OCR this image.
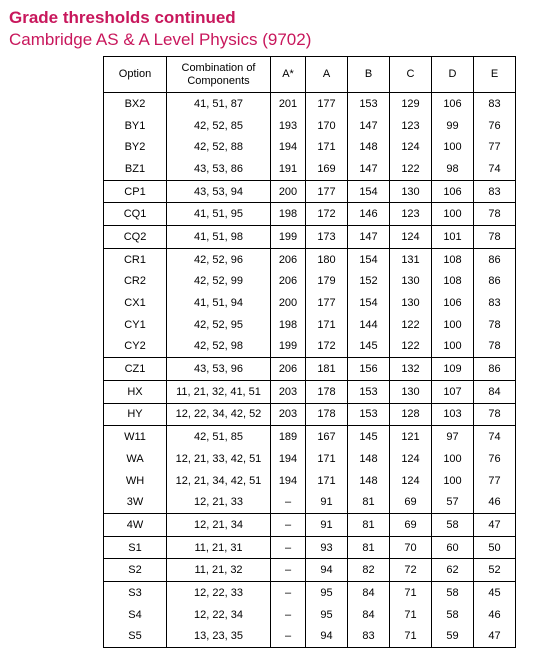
Grade thresholds continued
Cambridge AS & A Level Physics (9702)
Option	Combination of Components	A*	A	B	C	D	E
BX2	41, 51, 87	201	177	153	129	106	83
BY1	42, 52, 85	193	170	147	123	99	76
BY2	42, 52, 88	194	171	148	124	100	77
BZ1	43, 53, 86	191	169	147	122	98	74
CP1	43, 53, 94	200	177	154	130	106	83
CQ1	41, 51, 95	198	172	146	123	100	78
CQ2	41, 51, 98	199	173	147	124	101	78
CR1	42, 52, 96	206	180	154	131	108	86
CR2	42, 52, 99	206	179	152	130	108	86
CX1	41, 51, 94	200	177	154	130	106	83
CY1	42, 52, 95	198	171	144	122	100	78
CY2	42, 52, 98	199	172	145	122	100	78
CZ1	43, 53, 96	206	181	156	132	109	86
HX	11, 21, 32, 41, 51	203	178	153	130	107	84
HY	12, 22, 34, 42, 52	203	178	153	128	103	78
W11	42, 51, 85	189	167	145	121	97	74
WA	12, 21, 33, 42, 51	194	171	148	124	100	76
WH	12, 21, 34, 42, 51	194	171	148	124	100	77
3W	12, 21, 33	–	91	81	69	57	46
4W	12, 21, 34	–	91	81	69	58	47
S1	11, 21, 31	–	93	81	70	60	50
S2	11, 21, 32	–	94	82	72	62	52
S3	12, 22, 33	–	95	84	71	58	45
S4	12, 22, 34	–	95	84	71	58	46
S5	13, 23, 35	–	94	83	71	59	47
